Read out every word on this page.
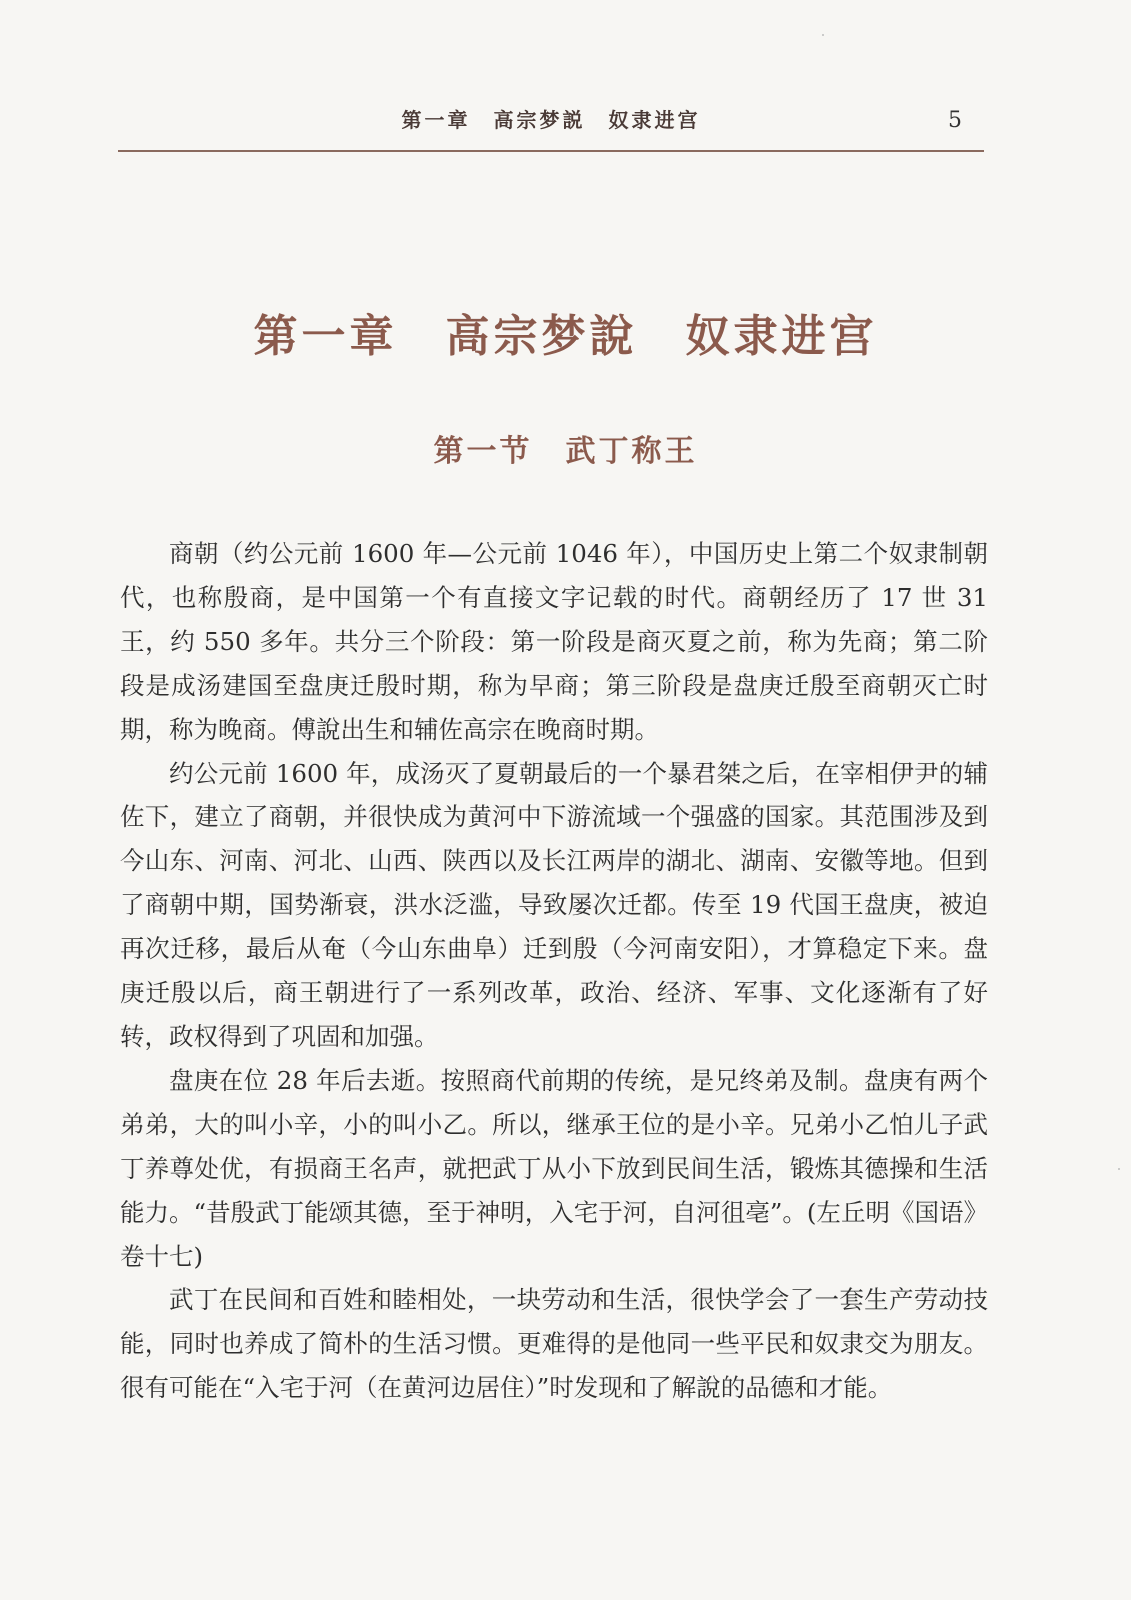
第一章　高宗梦説　奴隶进宫	5
第一章　高宗梦說　奴隶进宫
第一节　武丁称王

商朝（约公元前 1600 年—公元前 1046 年），中国历史上第二个奴隶制朝代，也称殷商，是中国第一个有直接文字记载的时代。商朝经历了 17 世 31 王，约 550 多年。共分三个阶段：第一阶段是商灭夏之前，称为先商；第二阶段是成汤建国至盘庚迁殷时期，称为早商；第三阶段是盘庚迁殷至商朝灭亡时期，称为晚商。傅說出生和辅佐高宗在晚商时期。

约公元前 1600 年，成汤灭了夏朝最后的一个暴君桀之后，在宰相伊尹的辅佐下，建立了商朝，并很快成为黄河中下游流域一个强盛的国家。其范围涉及到今山东、河南、河北、山西、陕西以及长江两岸的湖北、湖南、安徽等地。但到了商朝中期，国势渐衰，洪水泛滥，导致屡次迁都。传至 19 代国王盘庚，被迫再次迁移，最后从奄（今山东曲阜）迁到殷（今河南安阳），才算稳定下来。盘庚迁殷以后，商王朝进行了一系列改革，政治、经济、军事、文化逐渐有了好转，政权得到了巩固和加强。

盘庚在位 28 年后去逝。按照商代前期的传统，是兄终弟及制。盘庚有两个弟弟，大的叫小辛，小的叫小乙。所以，继承王位的是小辛。兄弟小乙怕儿子武丁养尊处优，有损商王名声，就把武丁从小下放到民间生活，锻炼其德操和生活能力。“昔殷武丁能颂其德，至于神明，入宅于河，自河徂亳”。(左丘明《国语》卷十七)

武丁在民间和百姓和睦相处，一块劳动和生活，很快学会了一套生产劳动技能，同时也养成了简朴的生活习惯。更难得的是他同一些平民和奴隶交为朋友。很有可能在“入宅于河（在黄河边居住）”时发现和了解說的品德和才能。
